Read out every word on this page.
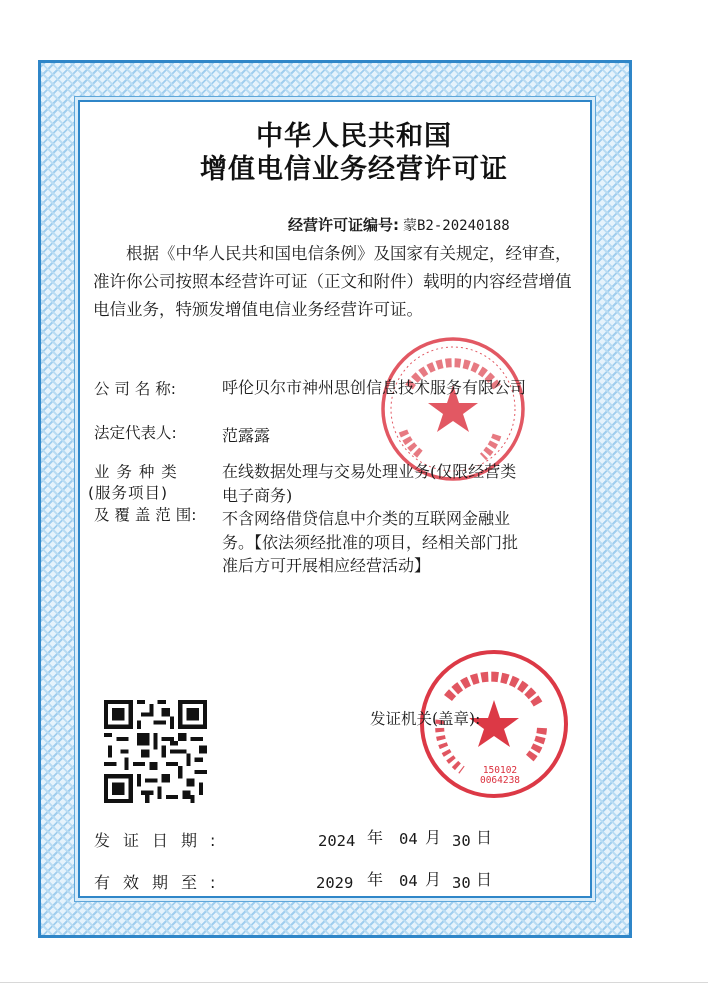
中华人民共和国
增值电信业务经营许可证
经营许可证编号: 蒙B2-20240188
根据《中华人民共和国电信条例》及国家有关规定，经审查，准许你公司按照本经营许可证（正文和附件）载明的内容经营增值电信业务，特颁发增值电信业务经营许可证。
公 司 名 称:	呼伦贝尔市神州思创信息技术服务有限公司
法定代表人:	范露露
业 务 种 类
(服务项目)
及 覆 盖 范 围:
在线数据处理与交易处理业务(仅限经营类
电子商务)
不含网络借贷信息中介类的互联网金融业
务。【依法须经批准的项目，经相关部门批
准后方可开展相应经营活动】
150102 0064238
发证机关(盖章):
发证日期:	2024 年 04 月 30 日
有效期至:	2029 年 04 月 30 日
